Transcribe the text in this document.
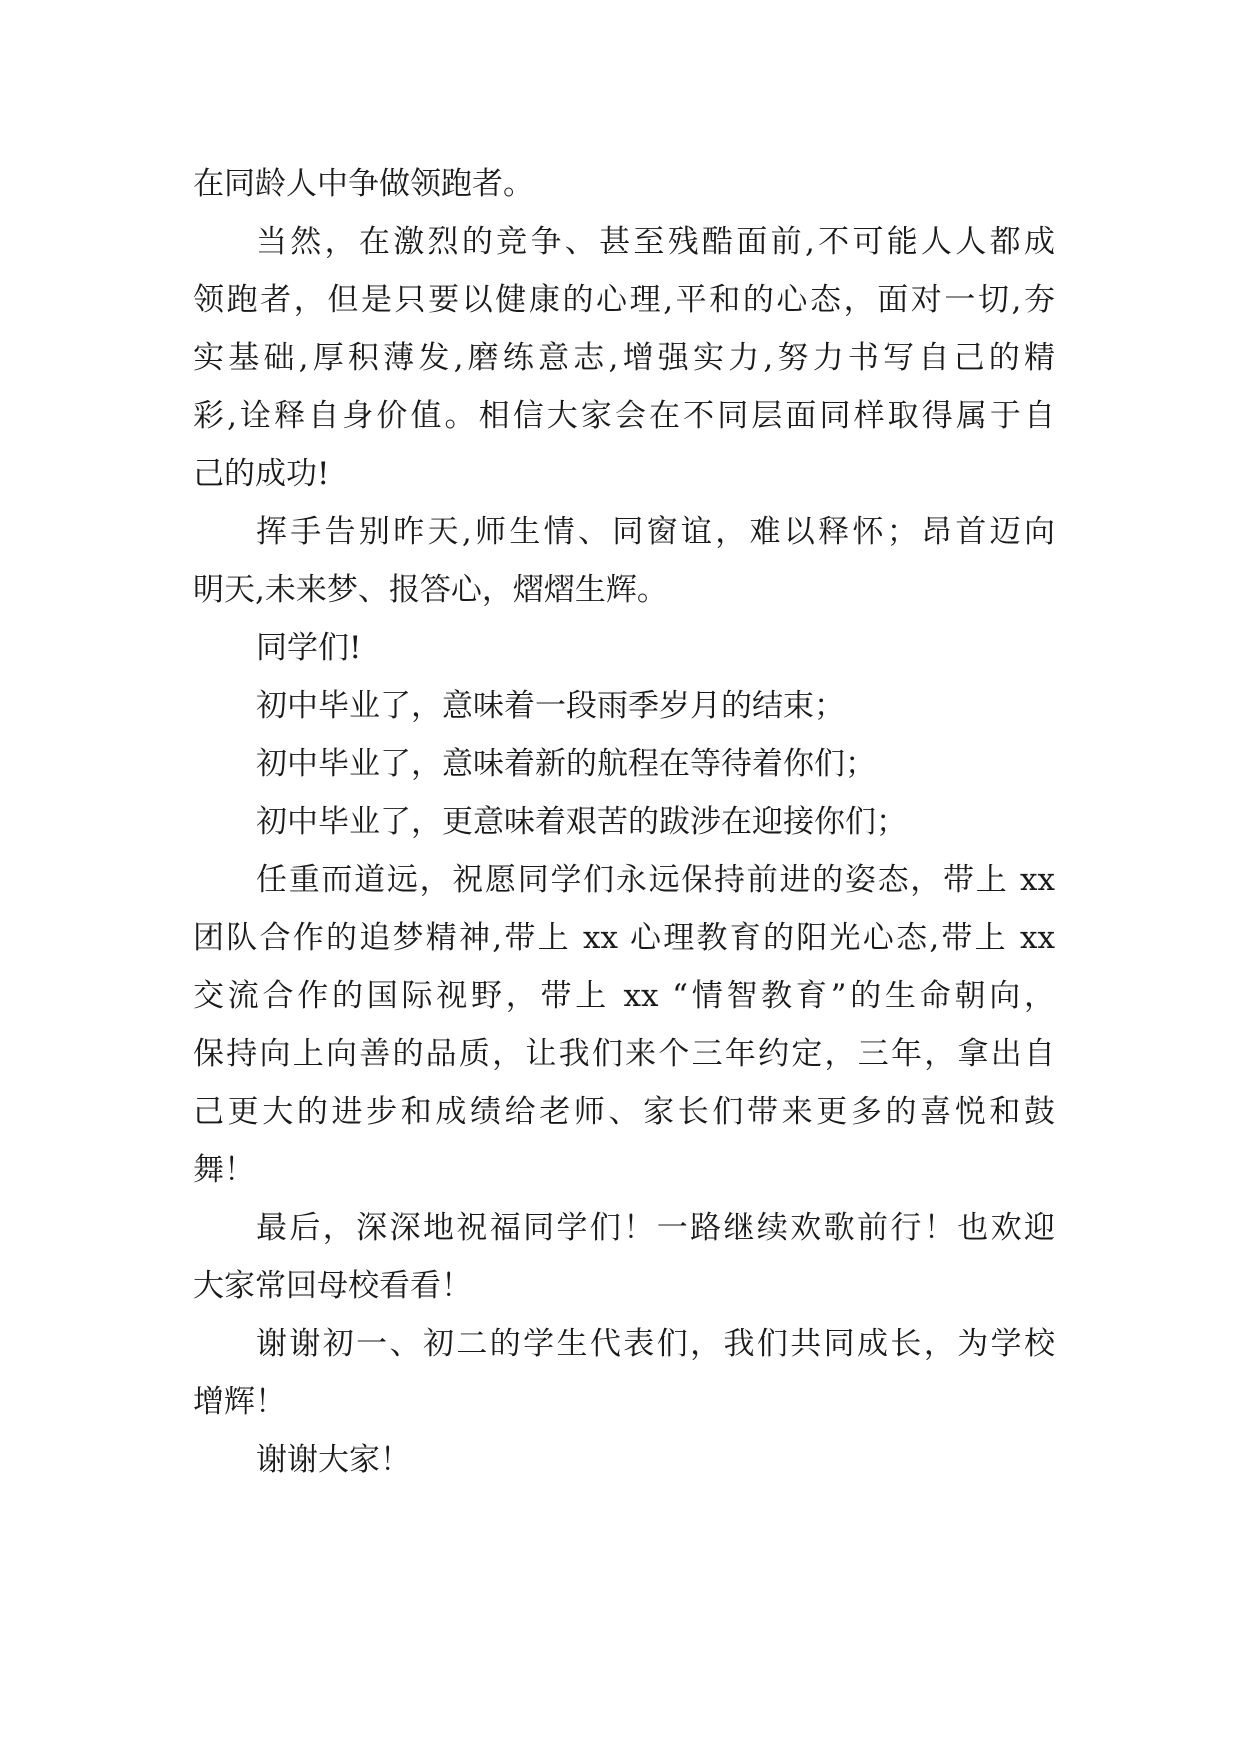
在同龄人中争做领跑者。
当然，在激烈的竞争、甚至残酷面前,不可能人人都成
领跑者，但是只要以健康的心理,平和的心态，面对一切,夯
实基础,厚积薄发,磨练意志,增强实力,努力书写自己的精
彩,诠释自身价值。相信大家会在不同层面同样取得属于自
己的成功!
挥手告别昨天,师生情、同窗谊，难以释怀；昂首迈向
明天,未来梦、报答心，熠熠生辉。
同学们!
初中毕业了，意味着一段雨季岁月的结束；
初中毕业了，意味着新的航程在等待着你们；
初中毕业了，更意味着艰苦的跋涉在迎接你们；
任重而道远，祝愿同学们永远保持前进的姿态，带上 xx
团队合作的追梦精神,带上 xx 心理教育的阳光心态,带上 xx
交流合作的国际视野，带上 xx “情智教育”的生命朝向，
保持向上向善的品质，让我们来个三年约定，三年，拿出自
己更大的进步和成绩给老师、家长们带来更多的喜悦和鼓
舞！
最后，深深地祝福同学们！一路继续欢歌前行！也欢迎
大家常回母校看看！
谢谢初一、初二的学生代表们，我们共同成长，为学校
增辉！
谢谢大家！
